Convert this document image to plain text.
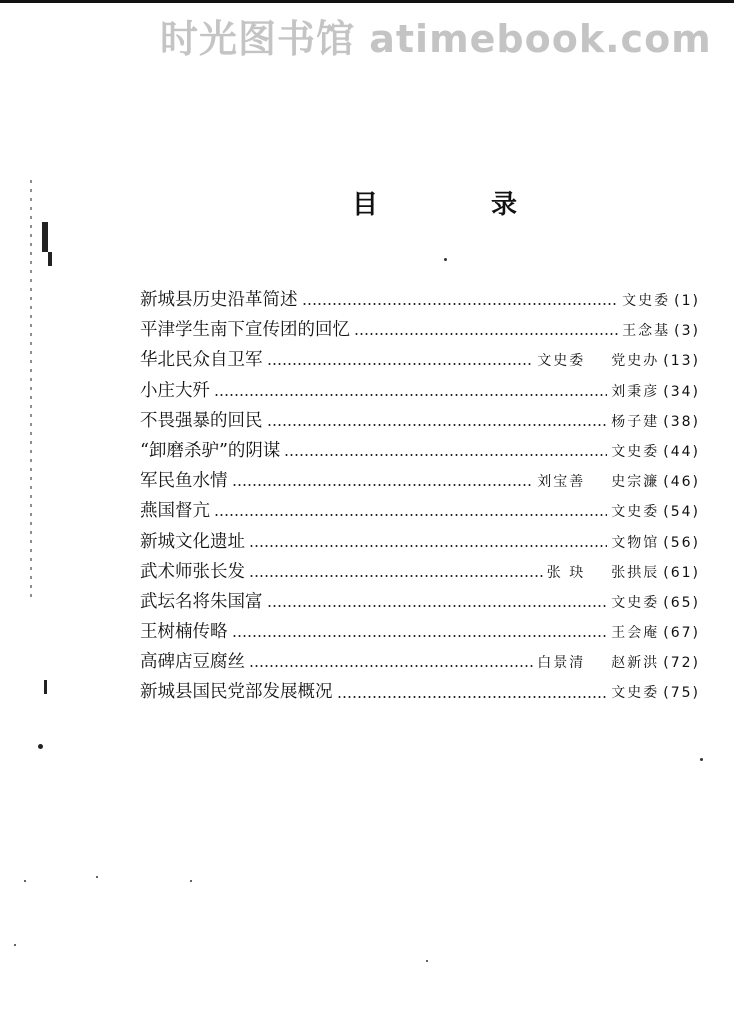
时光图书馆 atimebook.com
目 录
新城县历史沿革简述	文史委 (1)
平津学生南下宣传团的回忆	王念基 (3)
华北民众自卫军	文史委 党史办 (13)
小庄大歼	刘秉彦 (34)
不畏强暴的回民	杨子建 (38)
“卸磨杀驴”的阴谋	文史委 (44)
军民鱼水情	刘宝善 史宗濂 (46)
燕国督亢	文史委 (54)
新城文化遗址	文物馆 (56)
武术师张长发	张 玦 张拱辰 (61)
武坛名将朱国富	文史委 (65)
王树楠传略	王会庵 (67)
高碑店豆腐丝	白景清 赵新洪 (72)
新城县国民党部发展概况	文史委 (75)
